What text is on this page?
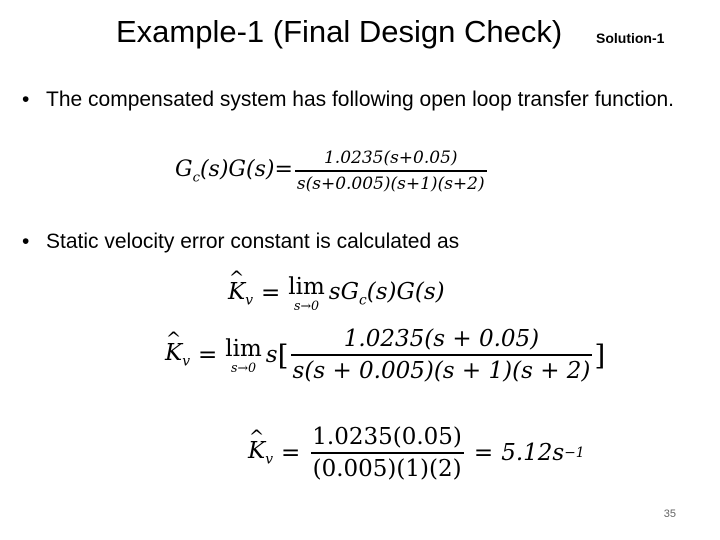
Example-1 (Final Design Check) Solution-1
• The compensated system has following open loop transfer function.
$G_c(s)G(s)= \frac{1.0235(s+0.05)}{s(s+0.005)(s+1)(s+2)}$
• Static velocity error constant is calculated as
^ $K_v = \lim$
s→0
$sG_c(s)G(s)$
^ $K_v = \lim$
s→0 s [ $\frac{1.0235(s + 0.05)}{s(s + 0.005)(s + 1)(s + 2)}$ ]
^ $K_v = \frac{1.0235(0.05)}{(0.005)(1)(2)} = 5.12s -1$
35
